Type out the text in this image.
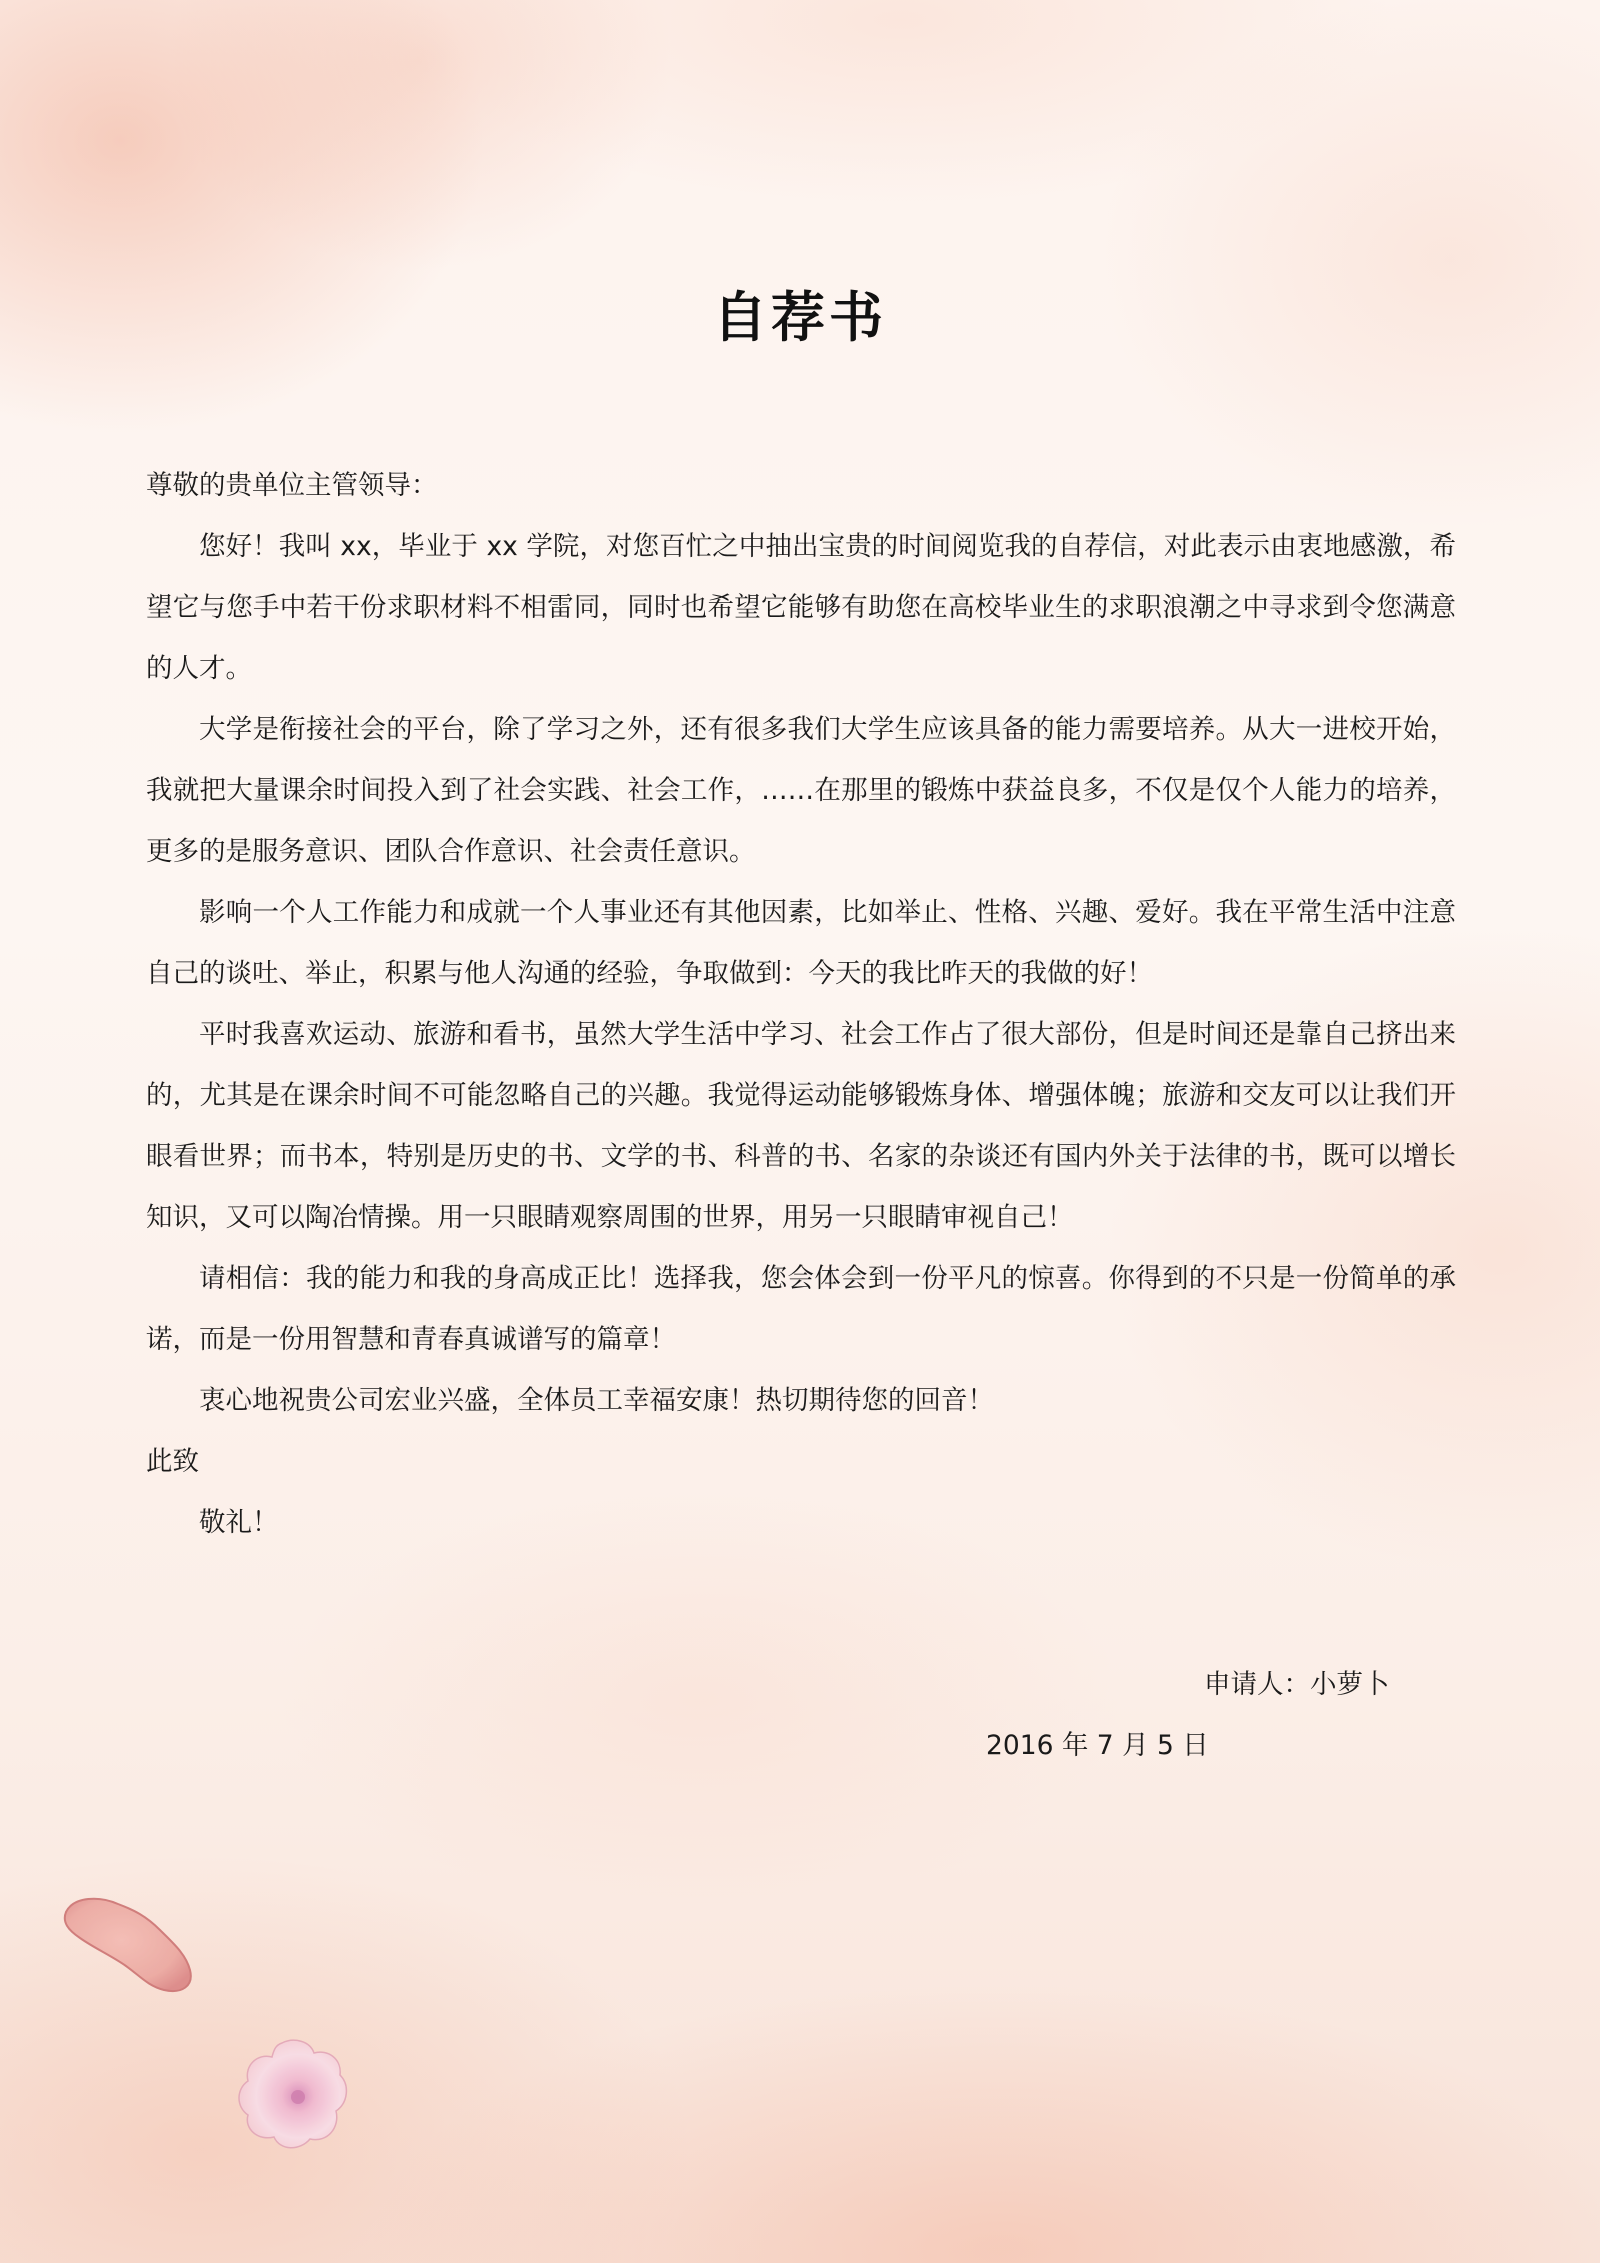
自荐书

尊敬的贵单位主管领导：

您好！我叫 xx，毕业于 xx 学院，对您百忙之中抽出宝贵的时间阅览我的自荐信，对此表示由衷地感激，希望它与您手中若干份求职材料不相雷同，同时也希望它能够有助您在高校毕业生的求职浪潮之中寻求到令您满意的人才。

大学是衔接社会的平台，除了学习之外，还有很多我们大学生应该具备的能力需要培养。从大一进校开始，我就把大量课余时间投入到了社会实践、社会工作，……在那里的锻炼中获益良多，不仅是仅个人能力的培养，更多的是服务意识、团队合作意识、社会责任意识。

影响一个人工作能力和成就一个人事业还有其他因素，比如举止、性格、兴趣、爱好。我在平常生活中注意自己的谈吐、举止，积累与他人沟通的经验，争取做到：今天的我比昨天的我做的好！

平时我喜欢运动、旅游和看书，虽然大学生活中学习、社会工作占了很大部份，但是时间还是靠自己挤出来的，尤其是在课余时间不可能忽略自己的兴趣。我觉得运动能够锻炼身体、增强体魄；旅游和交友可以让我们开眼看世界；而书本，特别是历史的书、文学的书、科普的书、名家的杂谈还有国内外关于法律的书，既可以增长知识，又可以陶冶情操。用一只眼睛观察周围的世界，用另一只眼睛审视自己！

请相信：我的能力和我的身高成正比！选择我，您会体会到一份平凡的惊喜。你得到的不只是一份简单的承诺，而是一份用智慧和青春真诚谱写的篇章！

衷心地祝贵公司宏业兴盛，全体员工幸福安康！热切期待您的回音！

此致

敬礼！

申请人：小萝卜
2016 年 7 月 5 日
